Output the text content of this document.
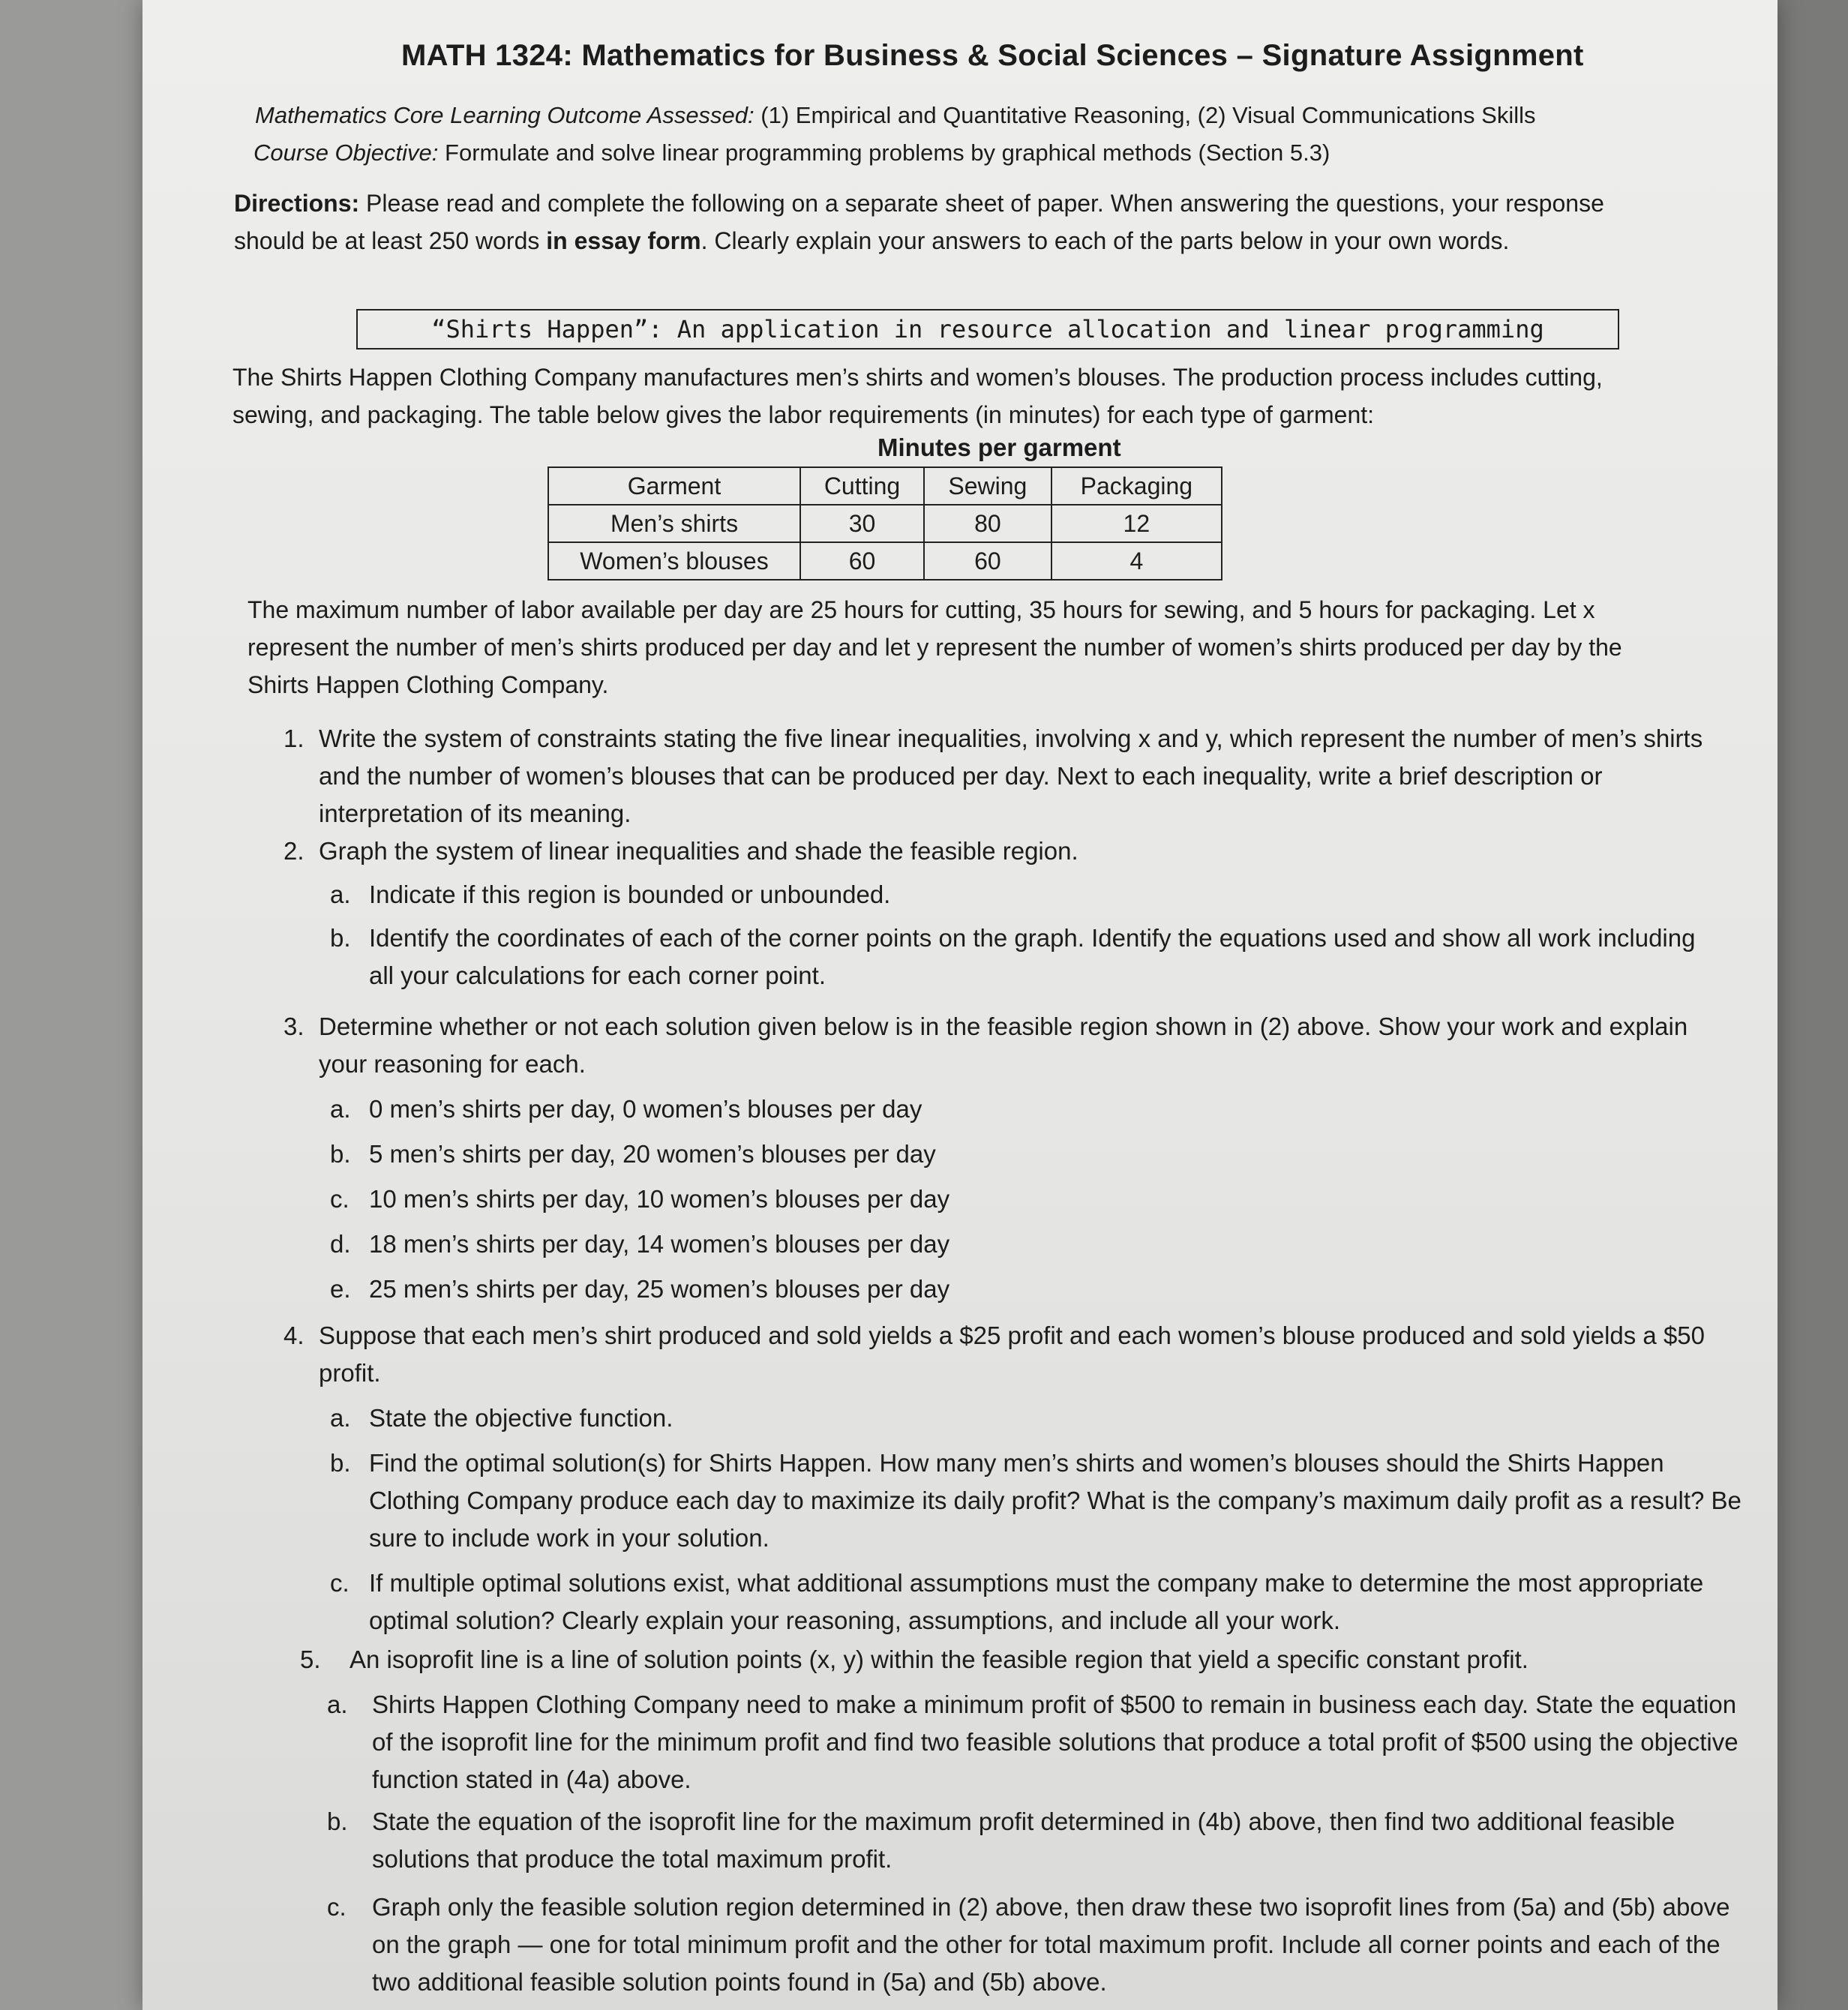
MATH 1324: Mathematics for Business & Social Sciences – Signature Assignment
Mathematics Core Learning Outcome Assessed: (1) Empirical and Quantitative Reasoning, (2) Visual Communications Skills
Course Objective: Formulate and solve linear programming problems by graphical methods (Section 5.3)
Directions: Please read and complete the following on a separate sheet of paper. When answering the questions, your response should be at least 250 words in essay form. Clearly explain your answers to each of the parts below in your own words.
“Shirts Happen”: An application in resource allocation and linear programming
The Shirts Happen Clothing Company manufactures men’s shirts and women’s blouses. The production process includes cutting, sewing, and packaging. The table below gives the labor requirements (in minutes) for each type of garment:
Minutes per garment
Garment	Cutting	Sewing	Packaging
Men’s shirts	30	80	12
Women’s blouses	60	60	4
The maximum number of labor available per day are 25 hours for cutting, 35 hours for sewing, and 5 hours for packaging. Let x represent the number of men’s shirts produced per day and let y represent the number of women’s shirts produced per day by the Shirts Happen Clothing Company.
1. Write the system of constraints stating the five linear inequalities, involving x and y, which represent the number of men’s shirts and the number of women’s blouses that can be produced per day. Next to each inequality, write a brief description or interpretation of its meaning.
2. Graph the system of linear inequalities and shade the feasible region.
a. Indicate if this region is bounded or unbounded.
b. Identify the coordinates of each of the corner points on the graph. Identify the equations used and show all work including all your calculations for each corner point.
3. Determine whether or not each solution given below is in the feasible region shown in (2) above. Show your work and explain your reasoning for each.
a. 0 men’s shirts per day, 0 women’s blouses per day
b. 5 men’s shirts per day, 20 women’s blouses per day
c. 10 men’s shirts per day, 10 women’s blouses per day
d. 18 men’s shirts per day, 14 women’s blouses per day
e. 25 men’s shirts per day, 25 women’s blouses per day
4. Suppose that each men’s shirt produced and sold yields a $25 profit and each women’s blouse produced and sold yields a $50 profit.
a. State the objective function.
b. Find the optimal solution(s) for Shirts Happen. How many men’s shirts and women’s blouses should the Shirts Happen Clothing Company produce each day to maximize its daily profit? What is the company’s maximum daily profit as a result? Be sure to include work in your solution.
c. If multiple optimal solutions exist, what additional assumptions must the company make to determine the most appropriate optimal solution? Clearly explain your reasoning, assumptions, and include all your work.
5. An isoprofit line is a line of solution points (x, y) within the feasible region that yield a specific constant profit.
a. Shirts Happen Clothing Company need to make a minimum profit of $500 to remain in business each day. State the equation of the isoprofit line for the minimum profit and find two feasible solutions that produce a total profit of $500 using the objective function stated in (4a) above.
b. State the equation of the isoprofit line for the maximum profit determined in (4b) above, then find two additional feasible solutions that produce the total maximum profit.
c. Graph only the feasible solution region determined in (2) above, then draw these two isoprofit lines from (5a) and (5b) above on the graph — one for total minimum profit and the other for total maximum profit. Include all corner points and each of the two additional feasible solution points found in (5a) and (5b) above.
